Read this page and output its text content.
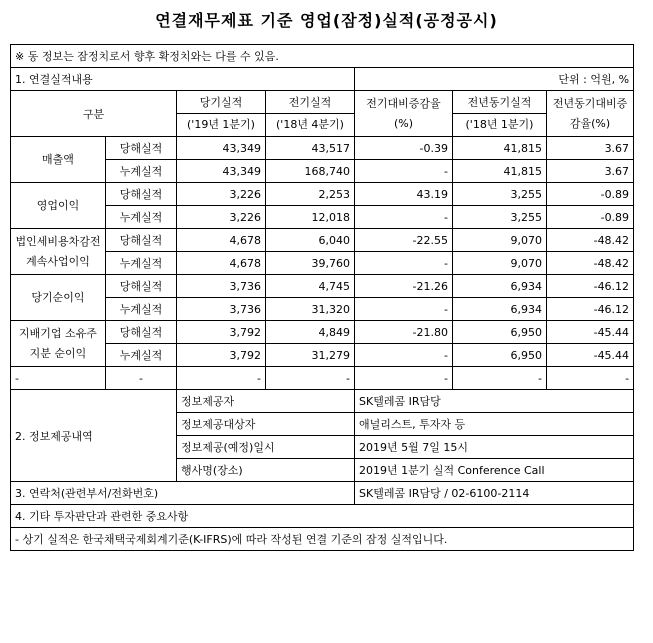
연결재무제표 기준 영업(잠정)실적(공정공시)
※ 동 정보는 잠정치로서 향후 확정치와는 다를 수 있음.						
1. 연결실적내용				단위 : 억원, %		
구분		당기실적	전기실적	전기대비증감율(%)	전년동기실적	전년동기대비증감율(%)
		('19년 1분기)	('18년 4분기)		('18년 1분기)	

매출액	당해실적	43,349	43,517	-0.39	41,815	3.67
	누계실적	43,349	168,740	-	41,815	3.67
영업이익	당해실적	3,226	2,253	43.19	3,255	-0.89
	누계실적	3,226	12,018	-	3,255	-0.89
법인세비용차감전계속사업이익	당해실적	4,678	6,040	-22.55	9,070	-48.42
	누계실적	4,678	39,760	-	9,070	-48.42
당기순이익	당해실적	3,736	4,745	-21.26	6,934	-46.12
	누계실적	3,736	31,320	-	6,934	-46.12
지배기업 소유주지분 순이익	당해실적	3,792	4,849	-21.80	6,950	-45.44
	누계실적	3,792	31,279	-	6,950	-45.44
-	-	-	-	-	-	-
2. 정보제공내역		정보제공자		SK텔레콤 IR담당		
		정보제공대상자		애널리스트, 투자자 등		
		정보제공(예정)일시		2019년 5월 7일 15시		
		행사명(장소)		2019년 1분기 실적 Conference Call		
3. 연락처(관련부서/전화번호)				SK텔레콤 IR담당 / 02-6100-2114		
4. 기타 투자판단과 관련한 중요사항						
- 상기 실적은 한국채택국제회계기준(K-IFRS)에 따라 작성된 연결 기준의 잠정 실적입니다.						
